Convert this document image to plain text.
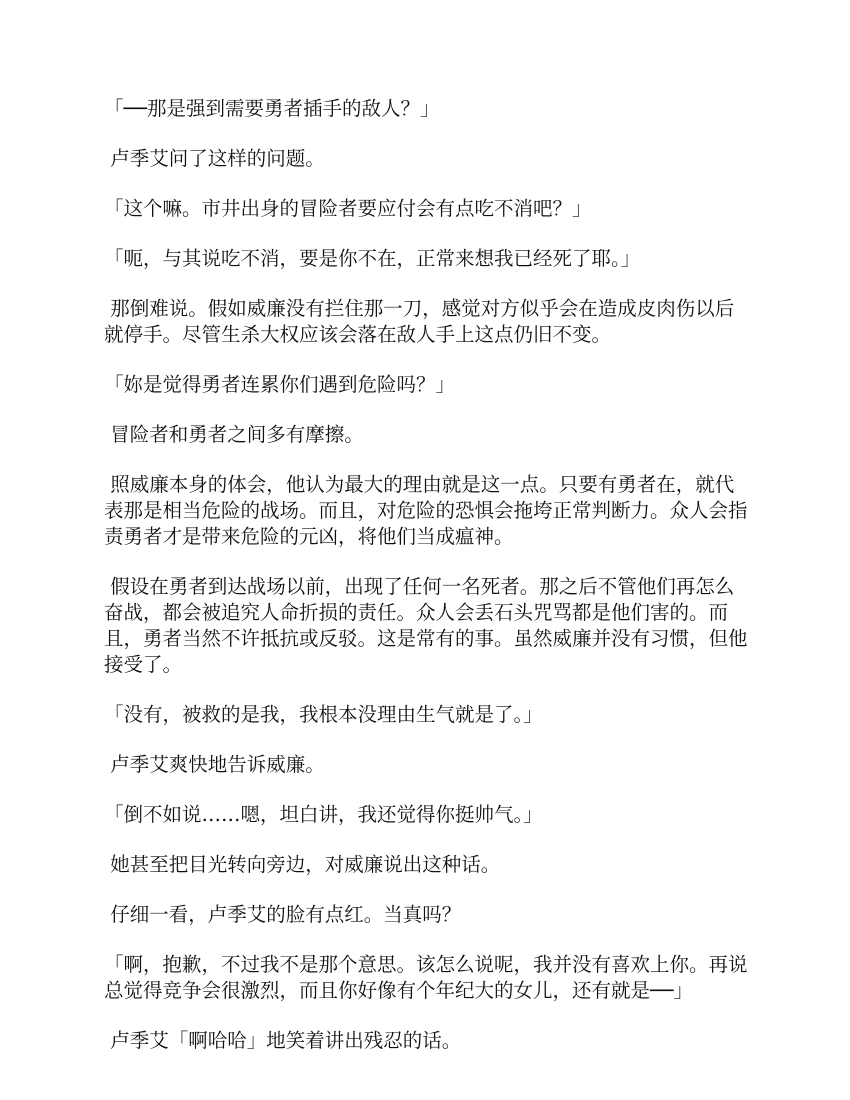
「──那是强到需要勇者插手的敌人？」

卢季艾问了这样的问题。

「这个嘛。市井出身的冒险者要应付会有点吃不消吧？」

「呃，与其说吃不消，要是你不在，正常来想我已经死了耶。」

那倒难说。假如威廉没有拦住那一刀，感觉对方似乎会在造成皮肉伤以后就停手。尽管生杀大权应该会落在敌人手上这点仍旧不变。

「妳是觉得勇者连累你们遇到危险吗？」

冒险者和勇者之间多有摩擦。

照威廉本身的体会，他认为最大的理由就是这一点。只要有勇者在，就代表那是相当危险的战场。而且，对危险的恐惧会拖垮正常判断力。众人会指责勇者才是带来危险的元凶，将他们当成瘟神。

假设在勇者到达战场以前，出现了任何一名死者。那之后不管他们再怎么奋战，都会被追究人命折损的责任。众人会丢石头咒骂都是他们害的。而且，勇者当然不许抵抗或反驳。这是常有的事。虽然威廉并没有习惯，但他接受了。

「没有，被救的是我，我根本没理由生气就是了。」

卢季艾爽快地告诉威廉。

「倒不如说……嗯，坦白讲，我还觉得你挺帅气。」

她甚至把目光转向旁边，对威廉说出这种话。

仔细一看，卢季艾的脸有点红。当真吗？

「啊，抱歉，不过我不是那个意思。该怎么说呢，我并没有喜欢上你。再说总觉得竞争会很激烈，而且你好像有个年纪大的女儿，还有就是──」

卢季艾「啊哈哈」地笑着讲出残忍的话。
